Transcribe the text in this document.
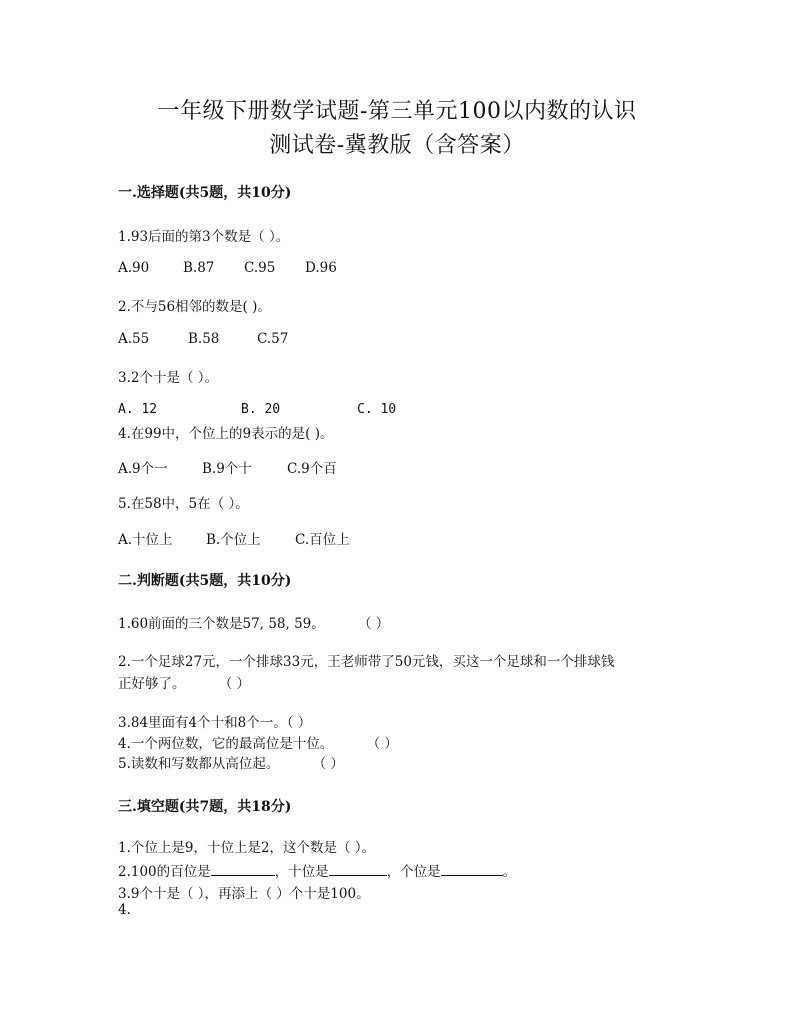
一年级下册数学试题-第三单元100以内数的认识
测试卷-冀教版（含答案）
一.选择题(共5题，共10分)
1.93后面的第3个数是（ ）。
A.90	B.87 C.95 D.96
2.不与56相邻的数是( )。
A.55	B.58	C.57
3.2个十是（ ）。
A. 12	B. 20	C. 10
4.在99中，个位上的9表示的是( )。
A.9个一	B.9个十	C.9个百
5.在58中，5在（ ）。
A.十位上 B.个位上	C.百位上
二.判断题(共5题，共10分)
1.60前面的三个数是57, 58, 59。	（ ）
2.一个足球27元，一个排球33元，王老师带了50元钱，买这一个足球和一个排球钱
正好够了。	（ ）
3.84里面有4个十和8个一。（ ）
4.一个两位数，它的最高位是十位。	（ ）
5.读数和写数都从高位起。	（ ）
三.填空题(共7题，共18分)
1.个位上是9，十位上是2，这个数是（ ）。
2.100的百位是	，十位是	，个位是	。
3.9个十是（ ），再添上（ ）个十是100。
4.
